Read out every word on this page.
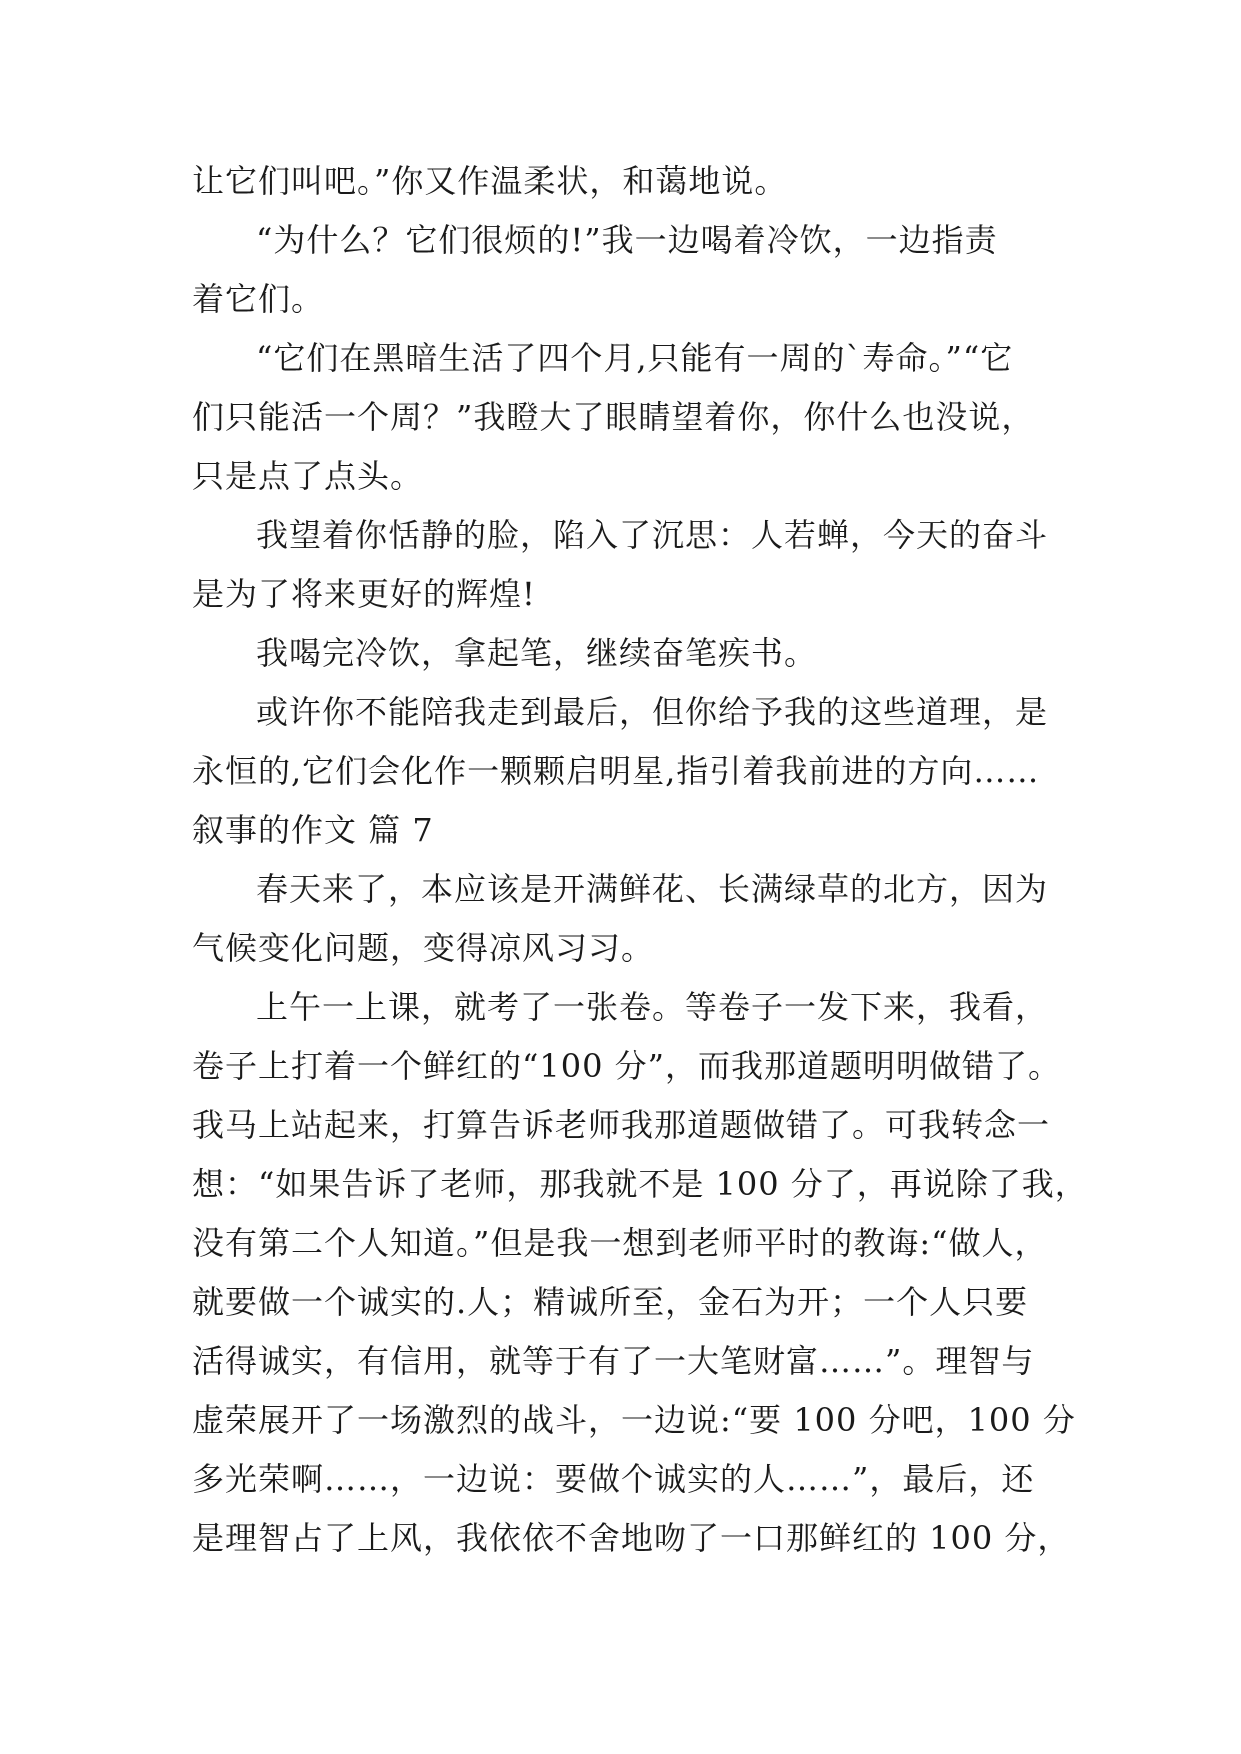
让它们叫吧。”你又作温柔状，和蔼地说。
“为什么？它们很烦的!”我一边喝着冷饮，一边指责
着它们。
“它们在黑暗生活了四个月,只能有一周的`寿命。”“它
们只能活一个周？”我瞪大了眼睛望着你，你什么也没说，
只是点了点头。
我望着你恬静的脸，陷入了沉思：人若蝉，今天的奋斗
是为了将来更好的辉煌!
我喝完冷饮，拿起笔，继续奋笔疾书。
或许你不能陪我走到最后，但你给予我的这些道理，是
永恒的,它们会化作一颗颗启明星,指引着我前进的方向……
叙事的作文 篇 7
春天来了，本应该是开满鲜花、长满绿草的北方，因为
气候变化问题，变得凉风习习。
上午一上课，就考了一张卷。等卷子一发下来，我看，
卷子上打着一个鲜红的“100 分”，而我那道题明明做错了。
我马上站起来，打算告诉老师我那道题做错了。可我转念一
想：“如果告诉了老师，那我就不是 100 分了，再说除了我，
没有第二个人知道。”但是我一想到老师平时的教诲:“做人，
就要做一个诚实的.人；精诚所至，金石为开；一个人只要
活得诚实，有信用，就等于有了一大笔财富……”。理智与
虚荣展开了一场激烈的战斗，一边说:“要 100 分吧，100 分
多光荣啊……，一边说：要做个诚实的人……”，最后，还
是理智占了上风，我依依不舍地吻了一口那鲜红的 100 分，
